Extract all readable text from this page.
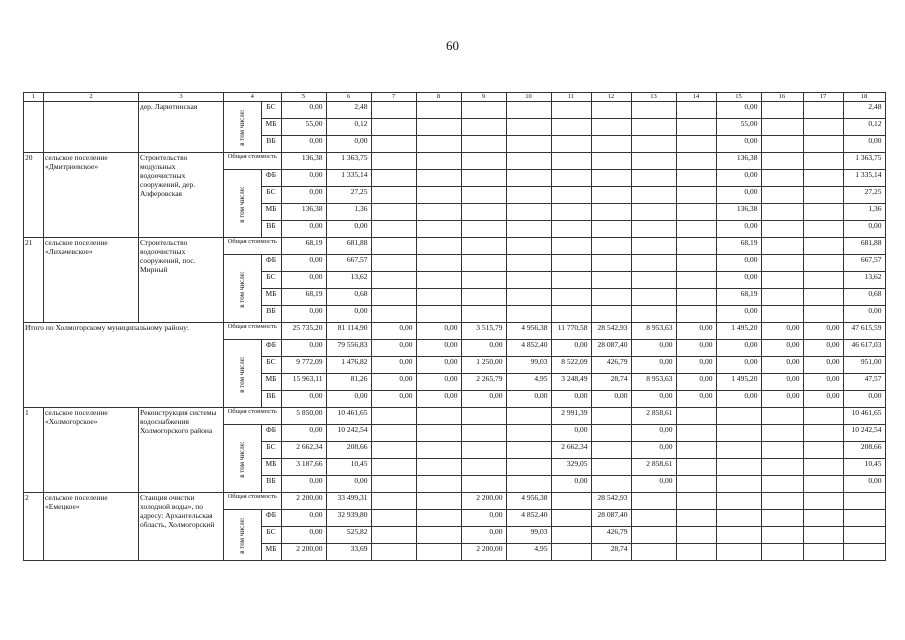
60
1	2	3	4		5	6	7	8	9	10	11	12	13	14	15	16	17	18
		дер. Ларютинская	в том числе:	БС	0,00	2,48									0,00			2,48
				МБ	55,00	0,12									55,00			0,12
				ВБ	0,00	0,00									0,00			0,00
20	сельское поселение «Дмитриевское»	Строительство модульных водоочистных сооружений, дер. Алферовская	Общая стоимость		136,38	1 363,75									136,38			1 363,75
			в том числе:	ФБ	0,00	1 335,14									0,00			1 335,14
				БС	0,00	27,25									0,00			27,25
				МБ	136,38	1,36									136,38			1,36
				ВБ	0,00	0,00									0,00			0,00
21	сельское поселение «Лихачевское»	Строительство водоочистных сооружений, пос. Мирный	Общая стоимость		68,19	681,88									68,19			681,88
			в том числе:	ФБ	0,00	667,57									0,00			667,57
				БС	0,00	13,62									0,00			13,62
				МБ	68,19	0,68									68,19			0,68
				ВБ	0,00	0,00									0,00			0,00
Итого по Холмогорскому муниципальному району:			Общая стоимость		25 735,20	81 114,90	0,00	0,00	3 515,79	4 956,38	11 770,58	28 542,93	8 953,63	0,00	1 495,20	0,00	0,00	47 615,59
			в том числе:	ФБ	0,00	79 556,83	0,00	0,00	0,00	4 852,40	0,00	28 087,40	0,00	0,00	0,00	0,00	0,00	46 617,03
				БС	9 772,09	1 476,82	0,00	0,00	1 250,00	99,03	8 522,09	426,79	0,00	0,00	0,00	0,00	0,00	951,00
				МБ	15 963,11	81,26	0,00	0,00	2 265,79	4,95	3 248,49	28,74	8 953,63	0,00	1 495,20	0,00	0,00	47,57
				ВБ	0,00	0,00	0,00	0,00	0,00	0,00	0,00	0,00	0,00	0,00	0,00	0,00	0,00	0,00
1	сельское поселение «Холмогорское»	Реконструкция системы водоснабжения Холмогорского района	Общая стоимость		5 850,00	10 461,65					2 991,39		2 858,61					10 461,65
			в том числе:	ФБ	0,00	10 242,54					0,00		0,00					10 242,54
				БС	2 662,34	208,66					2 662,34		0,00					208,66
				МБ	3 187,66	10,45					329,05		2 858,61					10,45
				ВБ	0,00	0,00					0,00		0,00					0,00
2	сельское поселение «Емецкое»	Станция очистки холодной воды», по адресу: Архангельская область, Холмогорский	Общая стоимость		2 200,00	33 499,31			2 200,00	4 956,38		28 542,93						
			в том числе:	ФБ	0,00	32 939,80			0,00	4 852,40		28 087,40						
				БС	0,00	525,82			0,00	99,03		426,79						
				МБ	2 200,00	33,69			2 200,00	4,95		28,74						
